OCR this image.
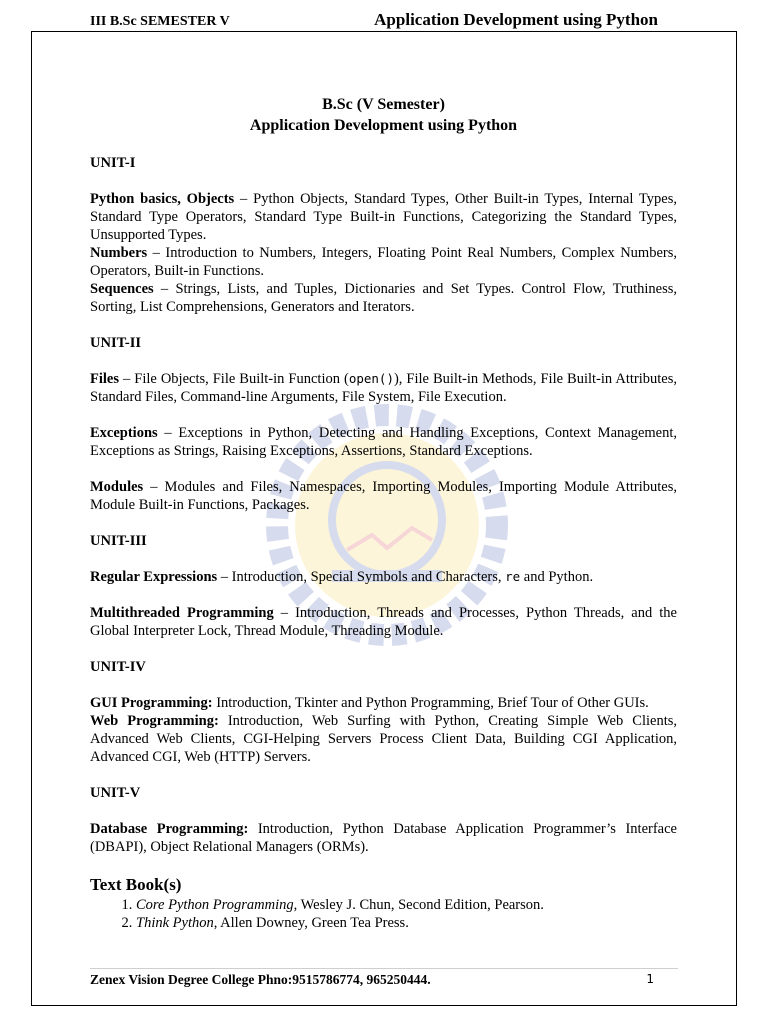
III B.Sc SEMESTER V	Application Development using Python
B.Sc (V Semester)
Application Development using Python

UNIT-I

Python basics, Objects – Python Objects, Standard Types, Other Built-in Types, Internal Types, Standard Type Operators, Standard Type Built-in Functions, Categorizing the Standard Types, Unsupported Types.

Numbers – Introduction to Numbers, Integers, Floating Point Real Numbers, Complex Numbers, Operators, Built-in Functions.

Sequences – Strings, Lists, and Tuples, Dictionaries and Set Types. Control Flow, Truthiness, Sorting, List Comprehensions, Generators and Iterators.

UNIT-II

Files – File Objects, File Built-in Function (open()), File Built-in Methods, File Built-in Attributes, Standard Files, Command-line Arguments, File System, File Execution.

Exceptions – Exceptions in Python, Detecting and Handling Exceptions, Context Management, Exceptions as Strings, Raising Exceptions, Assertions, Standard Exceptions.

Modules – Modules and Files, Namespaces, Importing Modules, Importing Module Attributes, Module Built-in Functions, Packages.

UNIT-III

Regular Expressions – Introduction, Special Symbols and Characters, re and Python.

Multithreaded Programming – Introduction, Threads and Processes, Python Threads, and the Global Interpreter Lock, Thread Module, Threading Module.

UNIT-IV

GUI Programming: Introduction, Tkinter and Python Programming, Brief Tour of Other GUIs.

Web Programming: Introduction, Web Surfing with Python, Creating Simple Web Clients, Advanced Web Clients, CGI-Helping Servers Process Client Data, Building CGI Application, Advanced CGI, Web (HTTP) Servers.

UNIT-V

Database Programming: Introduction, Python Database Application Programmer’s Interface (DBAPI), Object Relational Managers (ORMs).

Text Book(s)
1. Core Python Programming, Wesley J. Chun, Second Edition, Pearson.
2. Think Python, Allen Downey, Green Tea Press.
Zenex Vision Degree College Phno:9515786774, 965250444.	1
